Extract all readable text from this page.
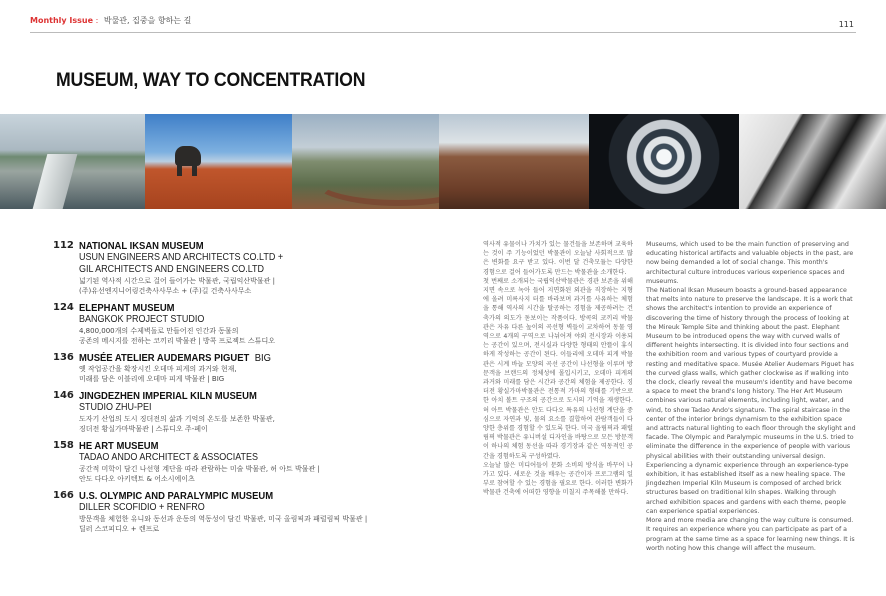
Monthly Issue : 박물관, 집중을 향하는 길	111
MUSEUM, WAY TO CONCENTRATION
112 NATIONAL IKSAN MUSEUM
USUN ENGINEERS AND ARCHITECTS CO.LTD +
GIL ARCHITECTS AND ENGINEERS CO.LTD
넓기된 역사적 시간으로 걸어 들어가는 박물관, 국립익산박물관 |
(주)유선엔지니어링건축사사무소 + (주)길 건축사사무소
124 ELEPHANT MUSEUM
BANGKOK PROJECT STUDIO
4,800,000개의 수제벽돌로 만들어진 인간과 동물의
공존의 메시지를 전하는 코끼리 박물관 | 방콕 프로젝트 스튜디오
136 MUSÉE ATELIER AUDEMARS PIGUET BIG
옛 작업공간을 확장시킨 오데마 피게의 과거와 현재,
미래를 담은 이블리에 오데마 피게 박물관 | BIG
146 JINGDEZHEN IMPERIAL KILN MUSEUM
STUDIO ZHU-PEI
도자기 산업의 도시 징더전의 삶과 기억의 온도를 보존한 박물관,
징더전 황실가마박물관 | 스튜디오 주-페이
158 HE ART MUSEUM
TADAO ANDO ARCHITECT & ASSOCIATES
공간적 미학이 담긴 나선형 계단을 따라 관람하는 미술 박물관, 허 아트 박물관 |
안도 다다오 아키텍트 & 어소시에이츠
166 U.S. OLYMPIC AND PARALYMPIC MUSEUM
DILLER SCOFIDIO + RENFRO
방문객을 체험한 유니와 동선과 운동의 역동성이 담긴 박물관, 미국 올림픽과 패럴림픽 박물관 |
딜러 스코피디오 + 렌프로

역사적 유물이나 가치가 있는 물건들을 보존하며 교육하는 것이 주 기능이었던 박물관이 오늘날 사회적으로 많은 변화를 요구 받고 있다. 이번 달 건축모듈는 다양한 경험으로 걸어 들어가도록 만드는 박물관을 소개한다.

첫 번째로 소개되는 국립익산박물관은 경관 보존을 위해 지면 속으로 녹아 들어 지면화된 외관을 직장하는 지형에 올려 미륵사지 터를 바라보며 과거를 사유하는 체험을 통해 역사의 시간을 탈공하는 경험을 제공하려는 건축가의 의도가 돋보이는 작품이다. 방콕의 코끼리 박물관은 자유 다른 높이의 곡선형 벽들이 교차하여 동물 영역으로 4개의 구역으로 나뉘어져 야외 전시장과 이용되는 공간이 있으며, 전시실과 다양한 형태의 안뜰이 휴식하게 작성하는 공간이 된다. 이들리에 오데마 피게 박물관은 시계 바늘 모양의 곡선 공간이 나선형을 이루며 방문객을 브랜드의 정체성에 몰입시키고, 오데마 피게의 과거와 미래를 담은 시간과 공간의 체험을 제공한다. 징더전 황실가마박물관은 전통적 가마의 형태를 기반으로 한 아치 볼트 구조의 공간으로 도시의 기억을 재생한다. 허 아트 박물관은 안도 다다오 특유의 나선형 계단을 중심으로 자연과 빛, 물의 요소를 결합하여 관람객들이 다양한 층위를 경험할 수 있도록 한다. 미국 올림픽과 패럴림픽 박물관은 유니버설 디자인을 바탕으로 모든 방문객이 하나의 체험 동선을 따라 경기장과 같은 역동적인 공간을 경험하도록 구성하였다.

오늘날 많은 미디어들이 문화 소비의 방식을 바꾸어 나가고 있다. 새로운 것을 배우는 공간이자 프로그램의 일부로 참여할 수 있는 경험을 필요로 한다. 이러한 변화가 박물관 건축에 어떠한 영향을 미칠지 주목해볼 만하다.

Museums, which used to be the main function of preserving and educating historical artifacts and valuable objects in the past, are now being demanded a lot of social change. This month's architectural culture introduces various experience spaces and museums.

The National Iksan Museum boasts a ground-based appearance that melts into nature to preserve the landscape. It is a work that shows the architect's intention to provide an experience of discovering the time of history through the process of looking at the Mireuk Temple Site and thinking about the past. Elephant Museum to be introduced opens the way with curved walls of different heights intersecting. It is divided into four sections and the exhibition room and various types of courtyard provide a resting and meditative space. Musée Atelier Audemars Piguet has the curved glass walls, which gather clockwise as if walking into the clock, clearly reveal the museum's identity and have become a space to meet the brand's long history. The Her Art Museum combines various natural elements, including light, water, and wind, to show Tadao Ando's signature. The spiral staircase in the center of the interior brings dynamism to the exhibition space and attracts natural lighting to each floor through the skylight and facade. The Olympic and Paralympic museums in the U.S. tried to eliminate the difference in the experience of people with various physical abilities with their outstanding universal design. Experiencing a dynamic experience through an experience-type exhibition, it has established itself as a new healing space. The Jingdezhen Imperial Kiln Museum is composed of arched brick structures based on traditional kiln shapes. Walking through arched exhibition spaces and gardens with each theme, people can experience spatial experiences.

More and more media are changing the way culture is consumed. It requires an experience where you can participate as part of a program at the same time as a space for learning new things. It is worth noting how this change will affect the museum.
